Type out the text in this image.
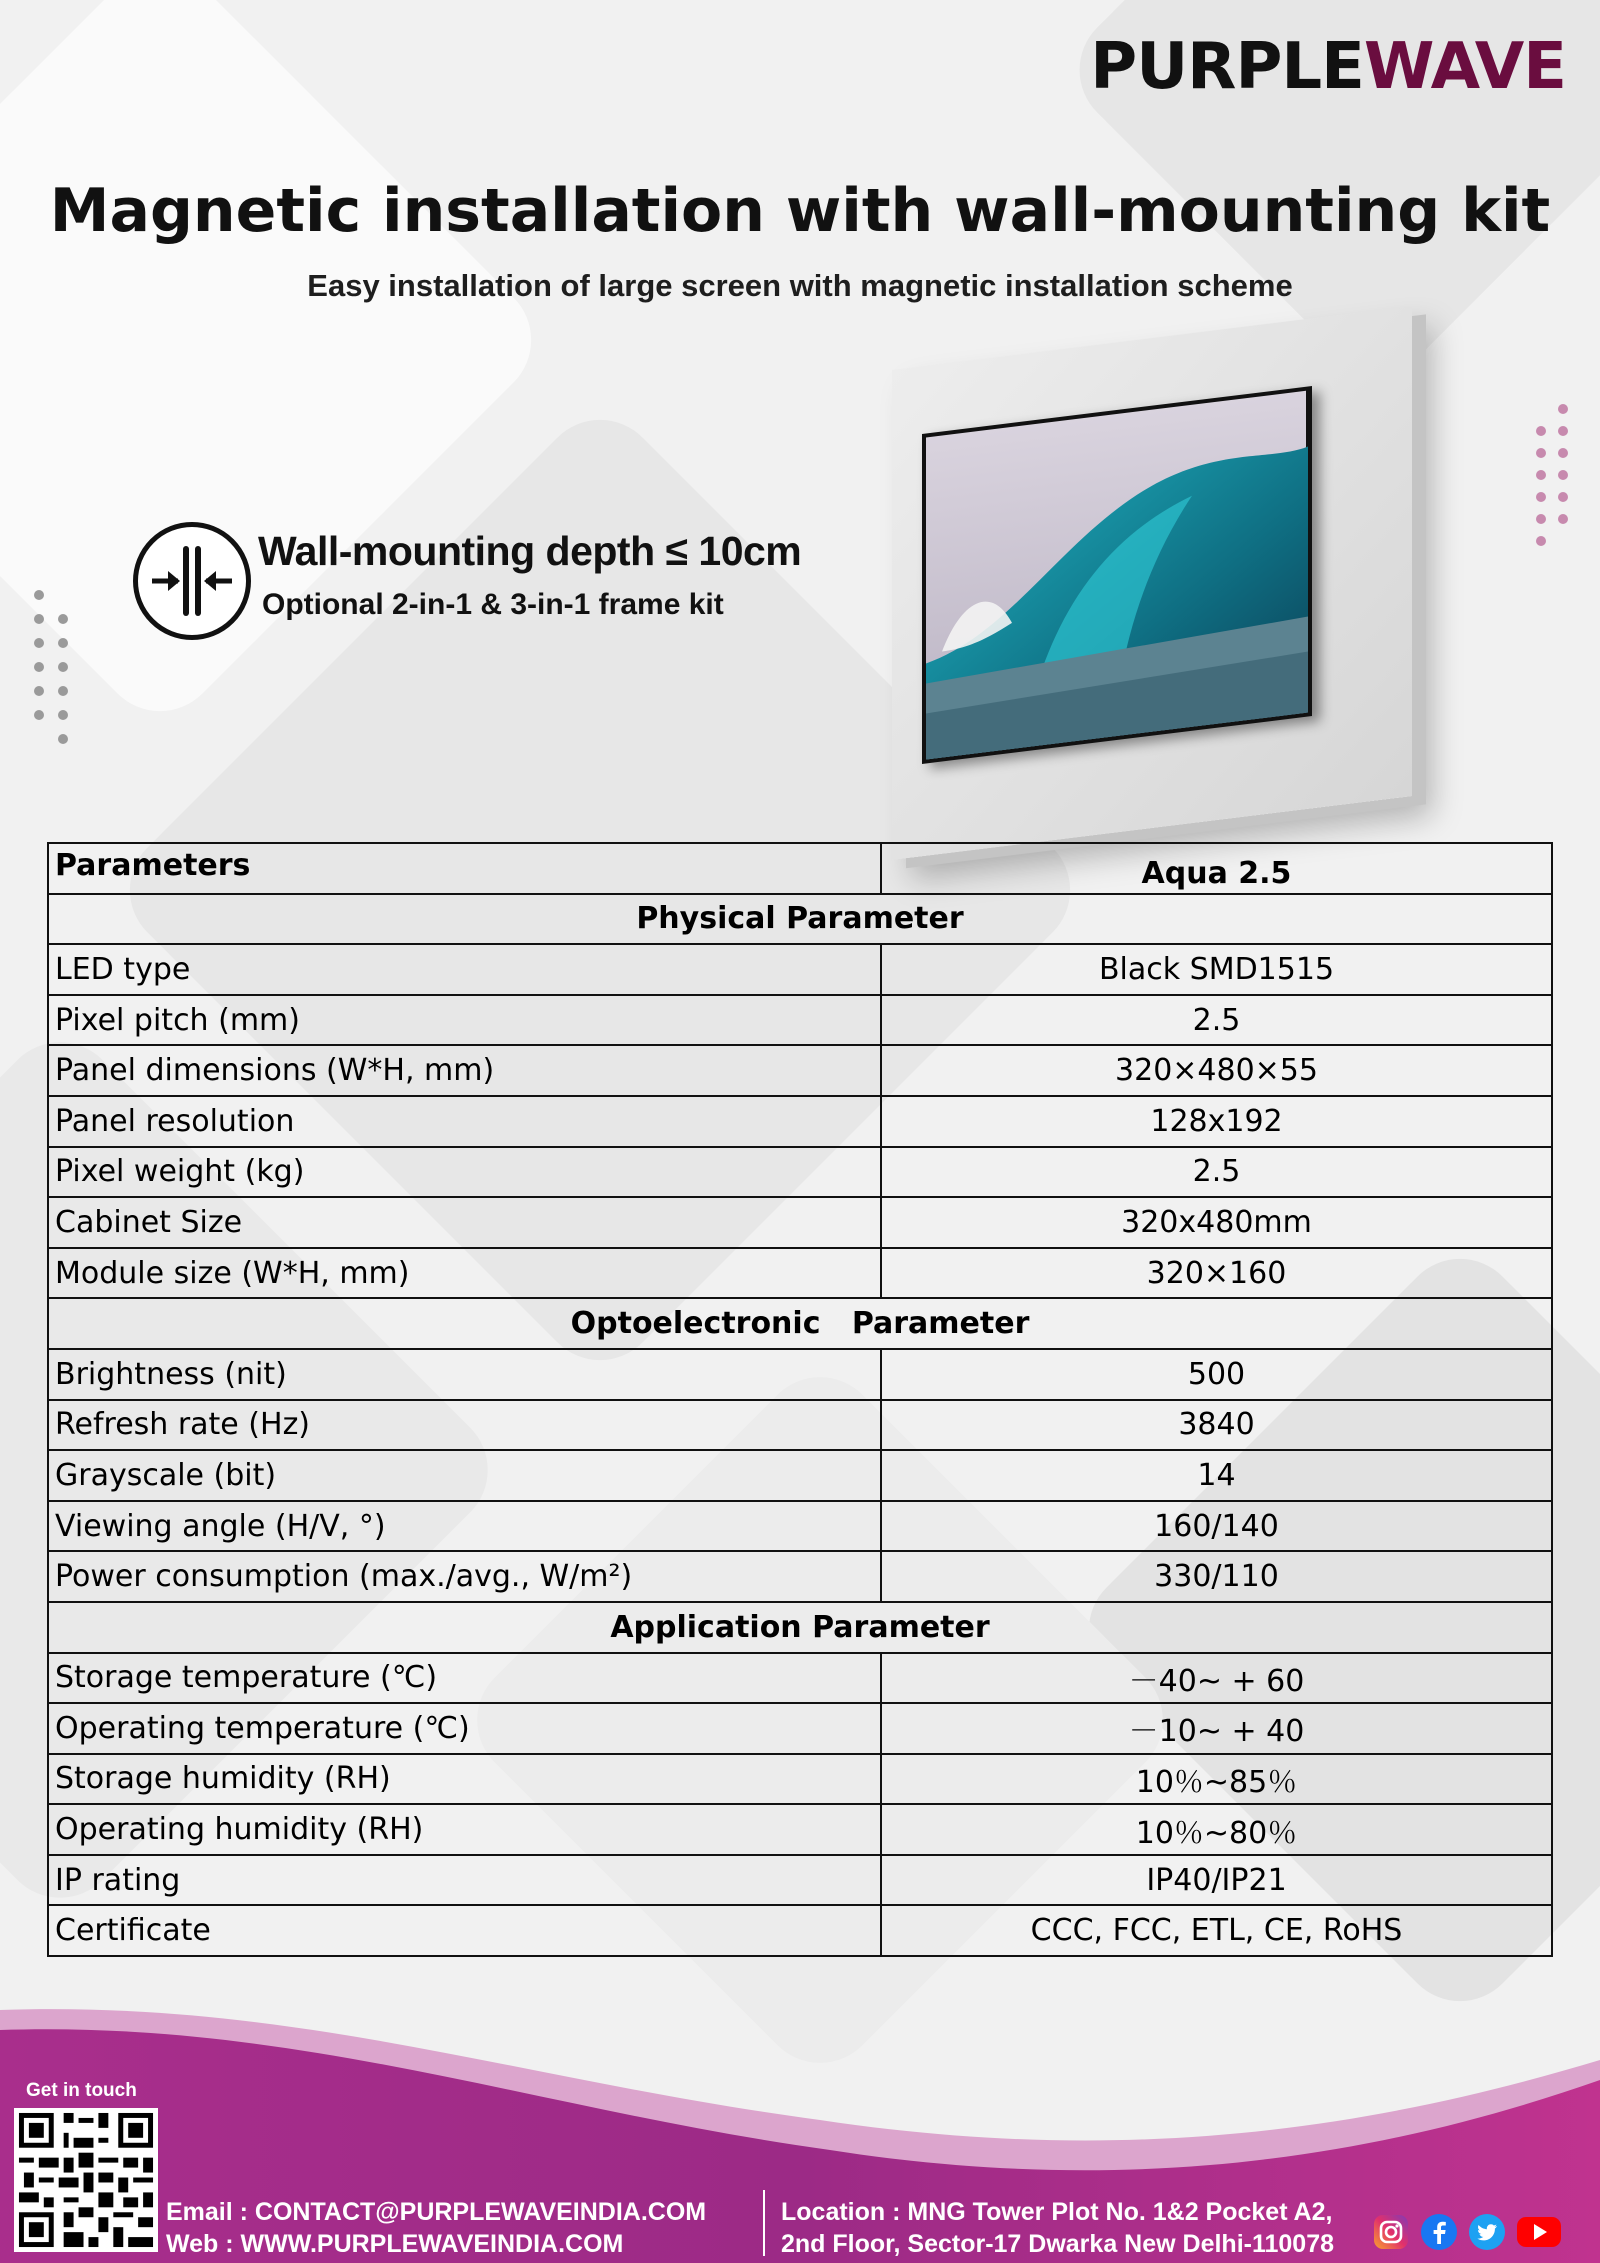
PURPLEWAVE
Magnetic installation with wall-mounting kit
Easy installation of large screen with magnetic installation scheme
Wall-mounting depth ≤ 10cm
Optional 2-in-1 & 3-in-1 frame kit
Parameters	Aqua 2.5
Physical Parameter	
LED type	Black SMD1515
Pixel pitch (mm)	2.5
Panel dimensions (W*H, mm)	320×480×55
Panel resolution	128x192
Pixel weight (kg)	2.5
Cabinet Size	320x480mm
Module size (W*H, mm)	320×160
Optoelectronic   Parameter	
Brightness (nit)	500
Refresh rate (Hz)	3840
Grayscale (bit)	14
Viewing angle (H/V, °)	160/140
Power consumption (max./avg., W/m²)	330/110
Application Parameter	
Storage temperature (℃)	－40~ + 60
Operating temperature (℃)	－10~ + 40
Storage humidity (RH)	10％~85％
Operating humidity (RH)	10％~80％
IP rating	IP40/IP21
Certificate	CCC, FCC, ETL, CE, RoHS
Get in touch
Email : CONTACT@PURPLEWAVEINDIA.COM
Web : WWW.PURPLEWAVEINDIA.COM
Location : MNG Tower Plot No. 1&2 Pocket A2,
2nd Floor, Sector-17 Dwarka New Delhi-110078
